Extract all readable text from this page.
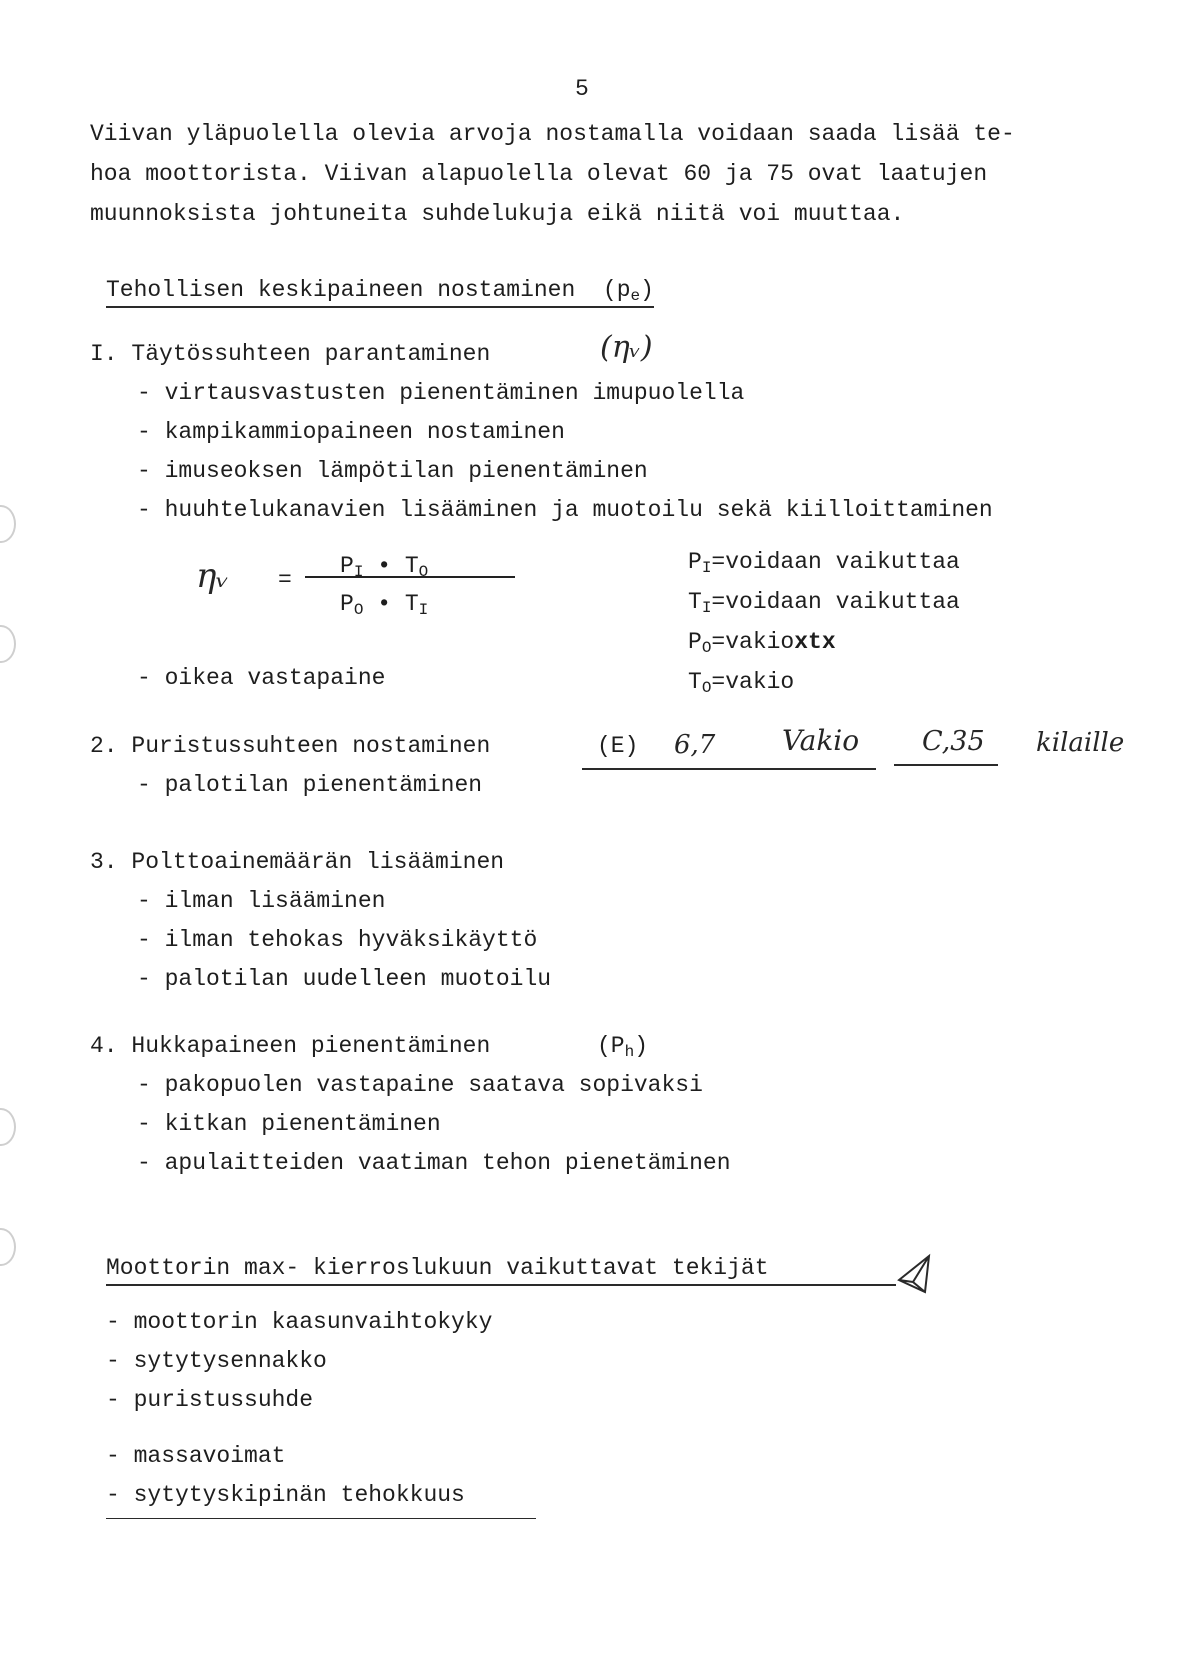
5
Viivan yläpuolella olevia arvoja nostamalla voidaan saada lisää te-
hoa moottorista. Viivan alapuolella olevat 60 ja 75 ovat laatujen
muunnoksista johtuneita suhdelukuja eikä niitä voi muuttaa.
Tehollisen keskipaineen nostaminen $(p_e)$
I. Täytössuhteen parantaminen	(ηᵥ)
- virtausvastusten pienentäminen imupuolella
- kampikammiopaineen nostaminen
- imuseoksen lämpötilan pienentäminen
- huuhtelukanavien lisääminen ja muotoilu sekä kiilloittaminen
ηᵥ =
$P_I$ • $T_O$
$P_O$ • $T_I$
$P_I=voidaan$ vaikuttaa
$T_I=voidaan$ vaikuttaa
$P_O=vakioxtx$
$T_O=vakio$
- oikea vastapaine
2. Puristussuhteen nostaminen	(E) 6,7 Vakio C,35 kilaille
- palotilan pienentäminen
3. Polttoainemäärän lisääminen
- ilman lisääminen
- ilman tehokas hyväksikäyttö
- palotilan uudelleen muotoilu
4. Hukkapaineen pienentäminen	$(P_h)$
- pakopuolen vastapaine saatava sopivaksi
- kitkan pienentäminen
- apulaitteiden vaatiman tehon pienetäminen
Moottorin max- kierroslukuun vaikuttavat tekijät
- moottorin kaasunvaihtokyky
- sytytysennakko
- puristussuhde
- massavoimat
- sytytyskipinän tehokkuus
